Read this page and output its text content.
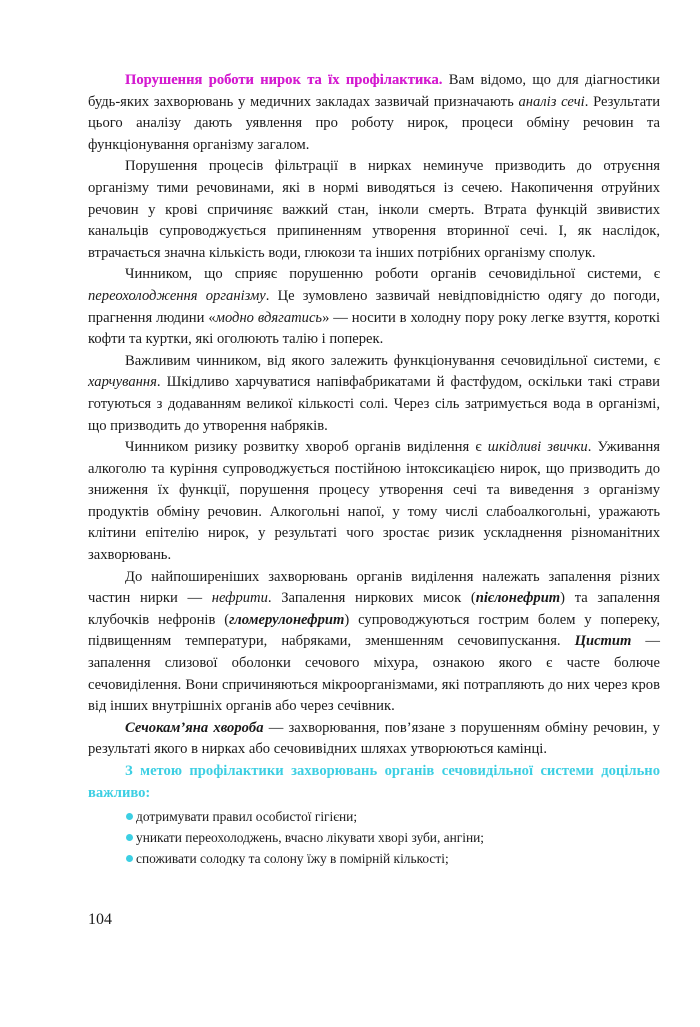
Порушення роботи нирок та їх профілактика. Вам відомо, що для діагностики будь-яких захворювань у медичних закладах зазвичай призначають аналіз сечі. Результати цього аналізу дають уявлення про роботу нирок, процеси обміну речовин та функціонування організму загалом.

Порушення процесів фільтрації в нирках неминуче призводить до отруєння організму тими речовинами, які в нормі виводяться із сечею. Накопичення отруйних речовин у крові спричиняє важкий стан, інколи смерть. Втрата функцій звивистих канальців супроводжується припиненням утворення вторинної сечі. І, як наслідок, втрачається значна кількість води, глюкози та інших потрібних організму сполук.

Чинником, що сприяє порушенню роботи органів сечовидільної системи, є переохолодження організму. Це зумовлено зазвичай невідповідністю одягу до погоди, прагнення людини «модно вдягатись» — носити в холодну пору року легке взуття, короткі кофти та куртки, які оголюють талію і поперек.

Важливим чинником, від якого залежить функціонування сечовидільної системи, є харчування. Шкідливо харчуватися напівфабрикатами й фастфудом, оскільки такі страви готуються з додаванням великої кількості солі. Через сіль затримується вода в організмі, що призводить до утворення набряків.

Чинником ризику розвитку хвороб органів виділення є шкідливі звички. Уживання алкоголю та куріння супроводжується постійною інтоксикацією нирок, що призводить до зниження їх функції, порушення процесу утворення сечі та виведення з організму продуктів обміну речовин. Алкогольні напої, у тому числі слабоалкогольні, уражають клітини епітелію нирок, у результаті чого зростає ризик ускладнення різноманітних захворювань.

До найпоширеніших захворювань органів виділення належать запалення різних частин нирки — нефрити. Запалення ниркових мисок (пієлонефрит) та запалення клубочків нефронів (гломерулонефрит) супроводжуються гострим болем у попереку, підвищенням температури, набряками, зменшенням сечовипускання. Цистит — запалення слизової оболонки сечового міхура, ознакою якого є часте болюче сечовиділення. Вони спричиняються мікроорганізмами, які потрапляють до них через кров від інших внутрішніх органів або через сечівник.

Сечокам’яна хвороба — захворювання, пов’язане з порушенням обміну речовин, у результаті якого в нирках або сечовивідних шляхах утворюються камінці.

З метою профілактики захворювань органів сечовидільної системи доцільно важливо:

дотримувати правил особистої гігієни;
уникати переохолоджень, вчасно лікувати хворі зуби, ангіни;
споживати солодку та солону їжу в помірній кількості;
104
